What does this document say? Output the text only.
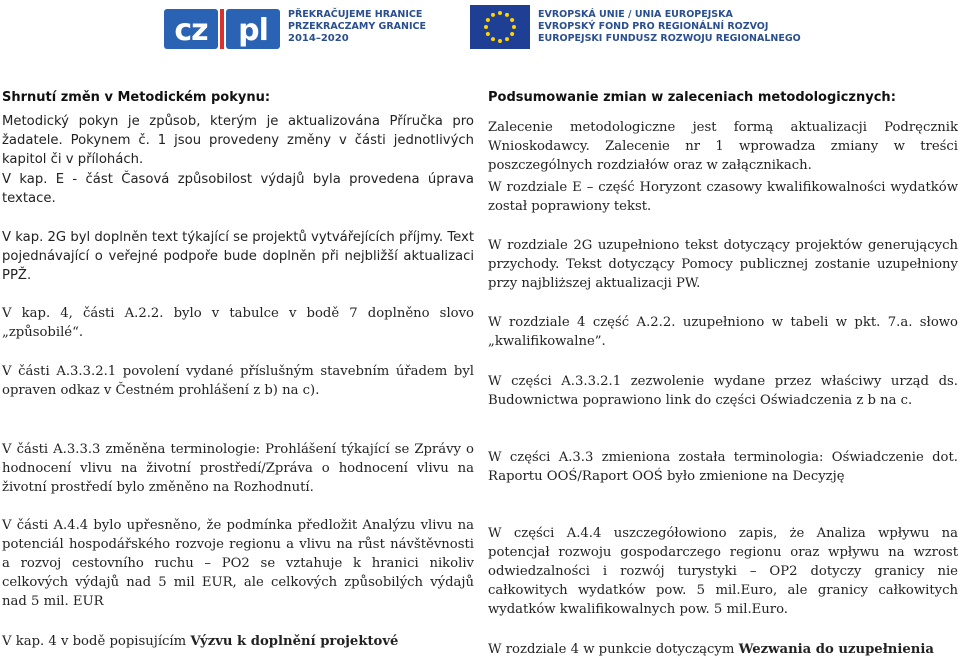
cz pl PŘEKRAČUJEME HRANICE
PRZEKRACZAMY GRANICE
2014–2020
EVROPSKÁ UNIE / UNIA EUROPEJSKA
EVROPSKÝ FOND PRO REGIONÁLNÍ ROZVOJ
EUROPEJSKI FUNDUSZ ROZWOJU REGIONALNEGO

Shrnutí změn v Metodickém pokynu:

Metodický pokyn je způsob, kterým je aktualizována Příručka pro žadatele. Pokynem č. 1 jsou provedeny změny v části jednotlivých kapitol či v přílohách.

V kap. E - část Časová způsobilost výdajů byla provedena úprava textace.

V kap. 2G byl doplněn text týkající se projektů vytvářejících příjmy. Text pojednávající o veřejné podpoře bude doplněn při nejbližší aktualizaci PPŽ.

V kap. 4, části A.2.2. bylo v tabulce v bodě 7 doplněno slovo „způsobilé“.

V části A.3.3.2.1 povolení vydané příslušným stavebním úřadem byl opraven odkaz v Čestném prohlášení z b) na c).

V části A.3.3.3 změněna terminologie: Prohlášení týkající se Zprávy o hodnocení vlivu na životní prostředí/Zpráva o hodnocení vlivu na životní prostředí bylo změněno na Rozhodnutí.

V části A.4.4 bylo upřesněno, že podmínka předložit Analýzu vlivu na potenciál hospodářského rozvoje regionu a vlivu na růst návštěvnosti a rozvoj cestovního ruchu – PO2 se vztahuje k hranici nikoliv celkových výdajů nad 5 mil EUR, ale celkových způsobilých výdajů nad 5 mil. EUR

V kap. 4 v bodě popisujícím Výzvu k doplnění projektové

Podsumowanie zmian w zaleceniach metodologicznych:

Zalecenie metodologiczne jest formą aktualizacji Podręcznik Wnioskodawcy. Zalecenie nr 1 wprowadza zmiany w treści poszczególnych rozdziałów oraz w załącznikach.

W rozdziale E – część Horyzont czasowy kwalifikowalności wydatków został poprawiony tekst.

W rozdziale 2G uzupełniono tekst dotyczący projektów generujących przychody. Tekst dotyczący Pomocy publicznej zostanie uzupełniony przy najbliższej aktualizacji PW.

W rozdziale 4 część A.2.2. uzupełniono w tabeli w pkt. 7.a. słowo „kwalifikowalne”.

W części A.3.3.2.1 zezwolenie wydane przez właściwy urząd ds. Budownictwa poprawiono link do części Oświadczenia z b na c.

W części A.3.3 zmieniona została terminologia: Oświadczenie dot. Raportu OOŚ/Raport OOŚ było zmienione na Decyzję

W części A.4.4 uszczegółowiono zapis, że Analiza wpływu na potencjał rozwoju gospodarczego regionu oraz wpływu na wzrost odwiedzalności i rozwój turystyki – OP2 dotyczy granicy nie całkowitych wydatków pow. 5 mil.Euro, ale granicy całkowitych wydatków kwalifikowalnych pow. 5 mil.Euro.

W rozdziale 4 w punkcie dotyczącym Wezwania do uzupełnienia
